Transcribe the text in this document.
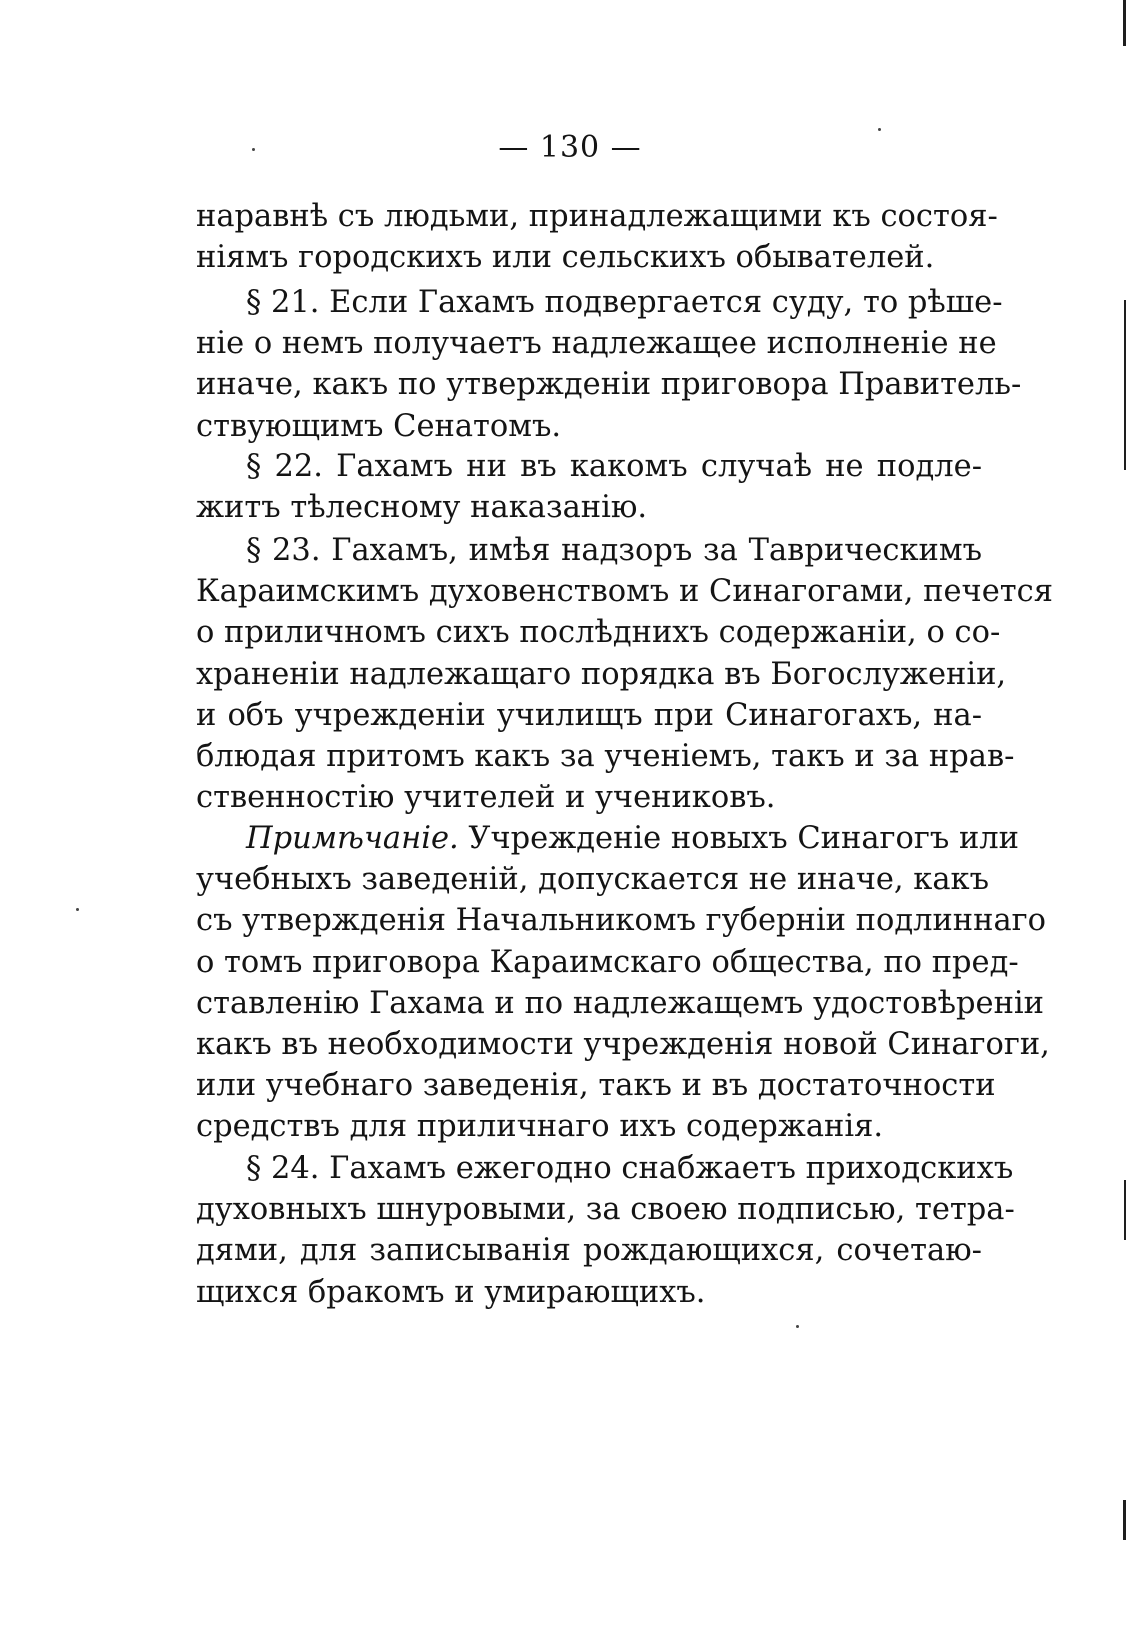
— 130 —
наравнѣ съ людьми, принадлежащими къ состоя-
ніямъ городскихъ или сельскихъ обывателей.
§ 21. Если Гахамъ подвергается суду, то рѣше-
ніе о немъ получаетъ надлежащее исполненіе не
иначе, какъ по утвержденіи приговора Правитель-
ствующимъ Сенатомъ.
§ 22. Гахамъ ни въ какомъ случаѣ не подле-
житъ тѣлесному наказанію.
§ 23. Гахамъ, имѣя надзоръ за Таврическимъ
Караимскимъ духовенствомъ и Синагогами, печется
о приличномъ сихъ послѣднихъ содержаніи, о со-
храненіи надлежащаго порядка въ Богослуженіи,
и объ учрежденіи училищъ при Синагогахъ, на-
блюдая притомъ какъ за ученіемъ, такъ и за нрав-
ственностію учителей и учениковъ.
Примѣчаніе. Учрежденіе новыхъ Синагогъ или
учебныхъ заведеній, допускается не иначе, какъ
съ утвержденія Начальникомъ губерніи подлиннаго
о томъ приговора Караимскаго общества, по пред-
ставленію Гахама и по надлежащемъ удостовѣреніи
какъ въ необходимости учрежденія новой Синагоги,
или учебнаго заведенія, такъ и въ достаточности
средствъ для приличнаго ихъ содержанія.
§ 24. Гахамъ ежегодно снабжаетъ приходскихъ
духовныхъ шнуровыми, за своею подписью, тетра-
дями, для записыванія рождающихся, сочетаю-
щихся бракомъ и умирающихъ.
